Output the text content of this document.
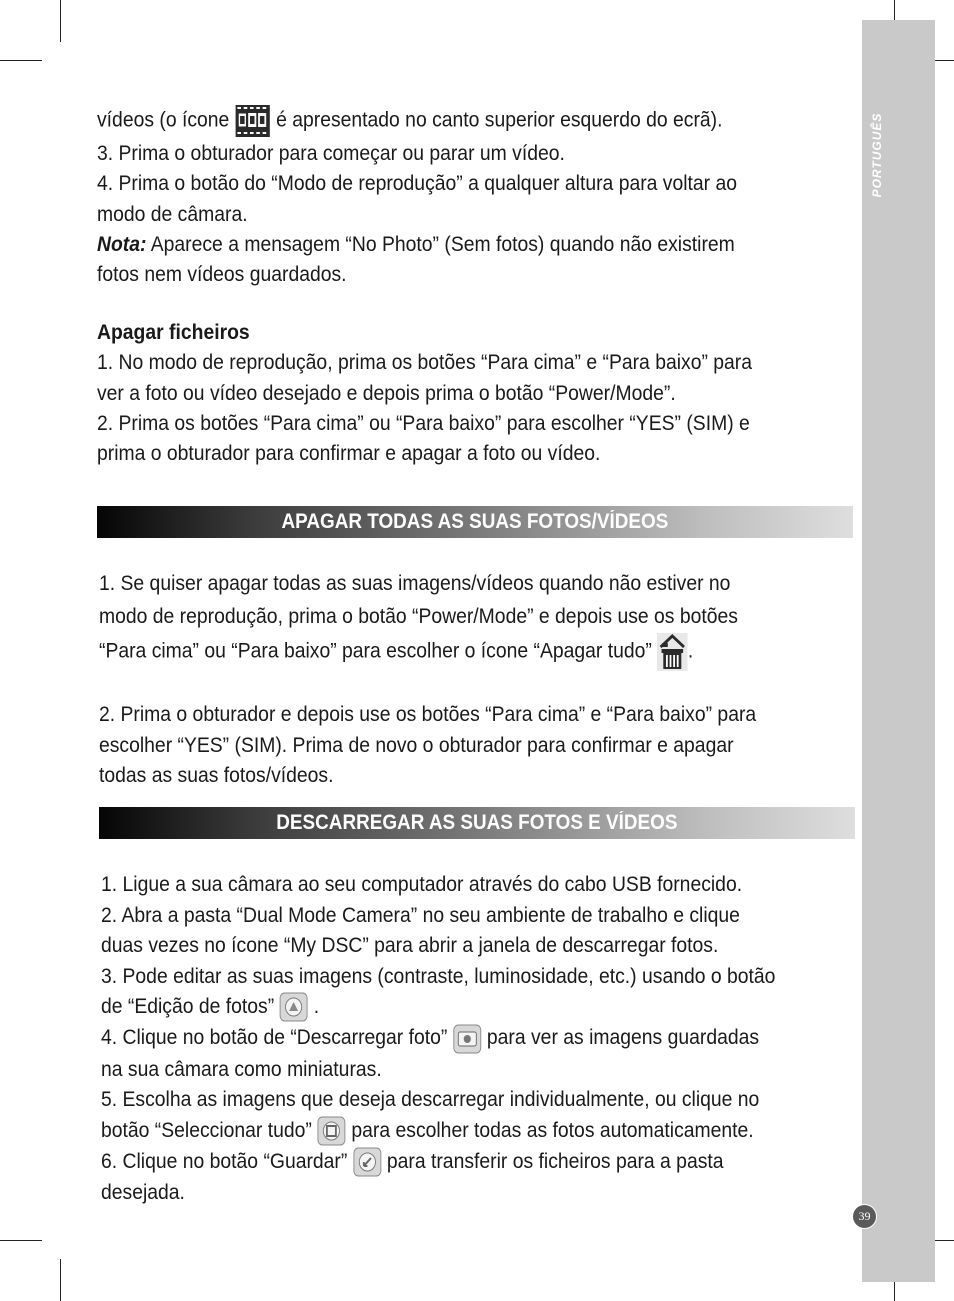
PORTUGUÊS

vídeos (o ícone é apresentado no canto superior esquerdo do ecrã).

3. Prima o obturador para começar ou parar um vídeo.

4. Prima o botão do “Modo de reprodução” a qualquer altura para voltar ao modo de câmara.

Nota: Aparece a mensagem “No Photo” (Sem fotos) quando não existirem fotos nem vídeos guardados.

Apagar ficheiros

1. No modo de reprodução, prima os botões “Para cima” e “Para baixo” para ver a foto ou vídeo desejado e depois prima o botão “Power/Mode”.

2. Prima os botões “Para cima” ou “Para baixo” para escolher “YES” (SIM) e prima o obturador para confirmar e apagar a foto ou vídeo.

APAGAR TODAS AS SUAS FOTOS/VÍDEOS

1. Se quiser apagar todas as suas imagens/vídeos quando não estiver no modo de reprodução, prima o botão “Power/Mode” e depois use os botões “Para cima” ou “Para baixo” para escolher o ícone “Apagar tudo” .

2. Prima o obturador e depois use os botões “Para cima” e “Para baixo” para escolher “YES” (SIM). Prima de novo o obturador para confirmar e apagar todas as suas fotos/vídeos.

DESCARREGAR AS SUAS FOTOS E VÍDEOS

1. Ligue a sua câmara ao seu computador através do cabo USB fornecido.

2. Abra a pasta “Dual Mode Camera” no seu ambiente de trabalho e clique duas vezes no ícone “My DSC” para abrir a janela de descarregar fotos.

3. Pode editar as suas imagens (contraste, luminosidade, etc.) usando o botão de “Edição de fotos”
.

4. Clique no botão de “Descarregar foto”
para ver as imagens guardadas na sua câmara como miniaturas.

5. Escolha as imagens que deseja descarregar individualmente, ou clique no botão “Seleccionar tudo”
para escolher todas as fotos automaticamente.

6. Clique no botão “Guardar”
para transferir os ficheiros para a pasta desejada.

39
